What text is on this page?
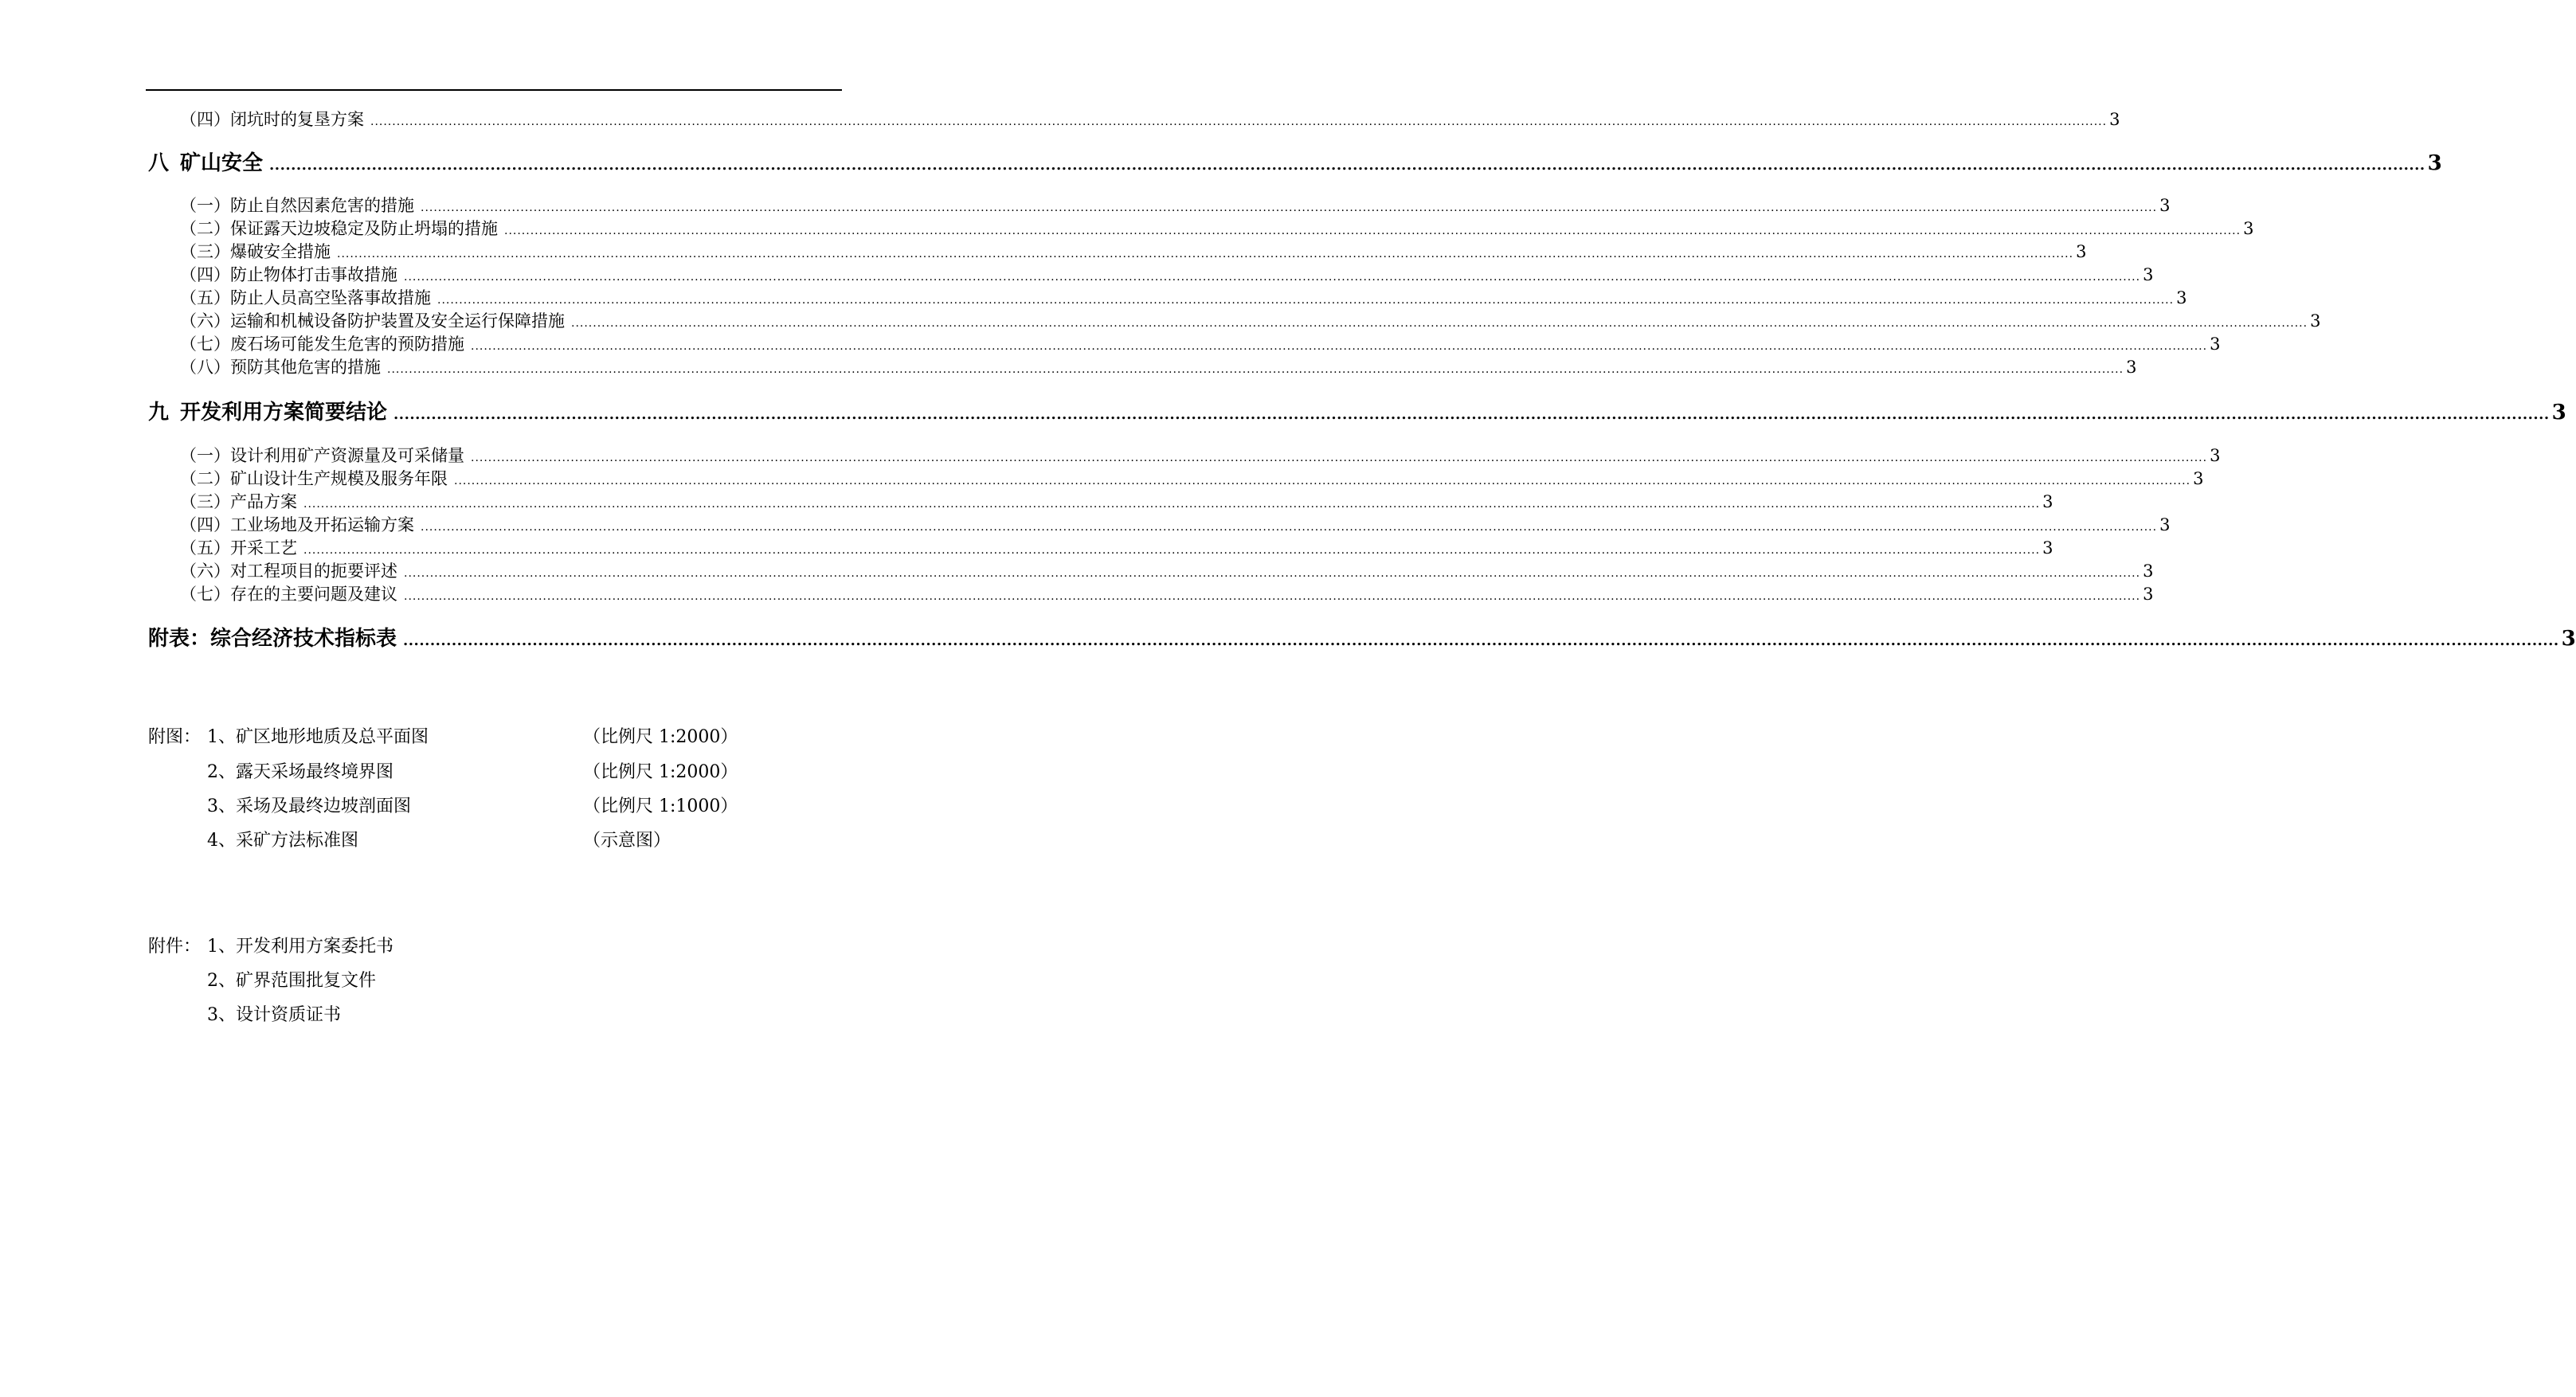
（四）闭坑时的复垦方案 ................................................................................................................................................................................................................................................................................................................................................................................................................ 3
八 矿山安全 ................................................................................................................................................................................................................................................................................................................................................................................................................ 3
（一）防止自然因素危害的措施 ................................................................................................................................................................................................................................................................................................................................................................................................................ 3
（二）保证露天边坡稳定及防止坍塌的措施 ................................................................................................................................................................................................................................................................................................................................................................................................................ 3
（三）爆破安全措施 ................................................................................................................................................................................................................................................................................................................................................................................................................ 3
（四）防止物体打击事故措施 ................................................................................................................................................................................................................................................................................................................................................................................................................ 3
（五）防止人员高空坠落事故措施 ................................................................................................................................................................................................................................................................................................................................................................................................................ 3
（六）运输和机械设备防护装置及安全运行保障措施 ................................................................................................................................................................................................................................................................................................................................................................................................................ 3
（七）废石场可能发生危害的预防措施 ................................................................................................................................................................................................................................................................................................................................................................................................................ 3
（八）预防其他危害的措施 ................................................................................................................................................................................................................................................................................................................................................................................................................ 3
九 开发利用方案简要结论 ................................................................................................................................................................................................................................................................................................................................................................................................................ 3
（一）设计利用矿产资源量及可采储量 ................................................................................................................................................................................................................................................................................................................................................................................................................ 3
（二）矿山设计生产规模及服务年限 ................................................................................................................................................................................................................................................................................................................................................................................................................ 3
（三）产品方案 ................................................................................................................................................................................................................................................................................................................................................................................................................ 3
（四）工业场地及开拓运输方案 ................................................................................................................................................................................................................................................................................................................................................................................................................ 3
（五）开采工艺 ................................................................................................................................................................................................................................................................................................................................................................................................................ 3
（六）对工程项目的扼要评述 ................................................................................................................................................................................................................................................................................................................................................................................................................ 3
（七）存在的主要问题及建议 ................................................................................................................................................................................................................................................................................................................................................................................................................ 3
附表：综合经济技术指标表 ................................................................................................................................................................................................................................................................................................................................................................................................................ 3
附图： 1、矿区地形地质及总平面图	（比例尺 1:2000）
2、露天采场最终境界图	（比例尺 1:2000）
3、采场及最终边坡剖面图	（比例尺 1:1000）
4、采矿方法标准图	（示意图）
附件： 1、开发利用方案委托书
2、矿界范围批复文件
3、设计资质证书
